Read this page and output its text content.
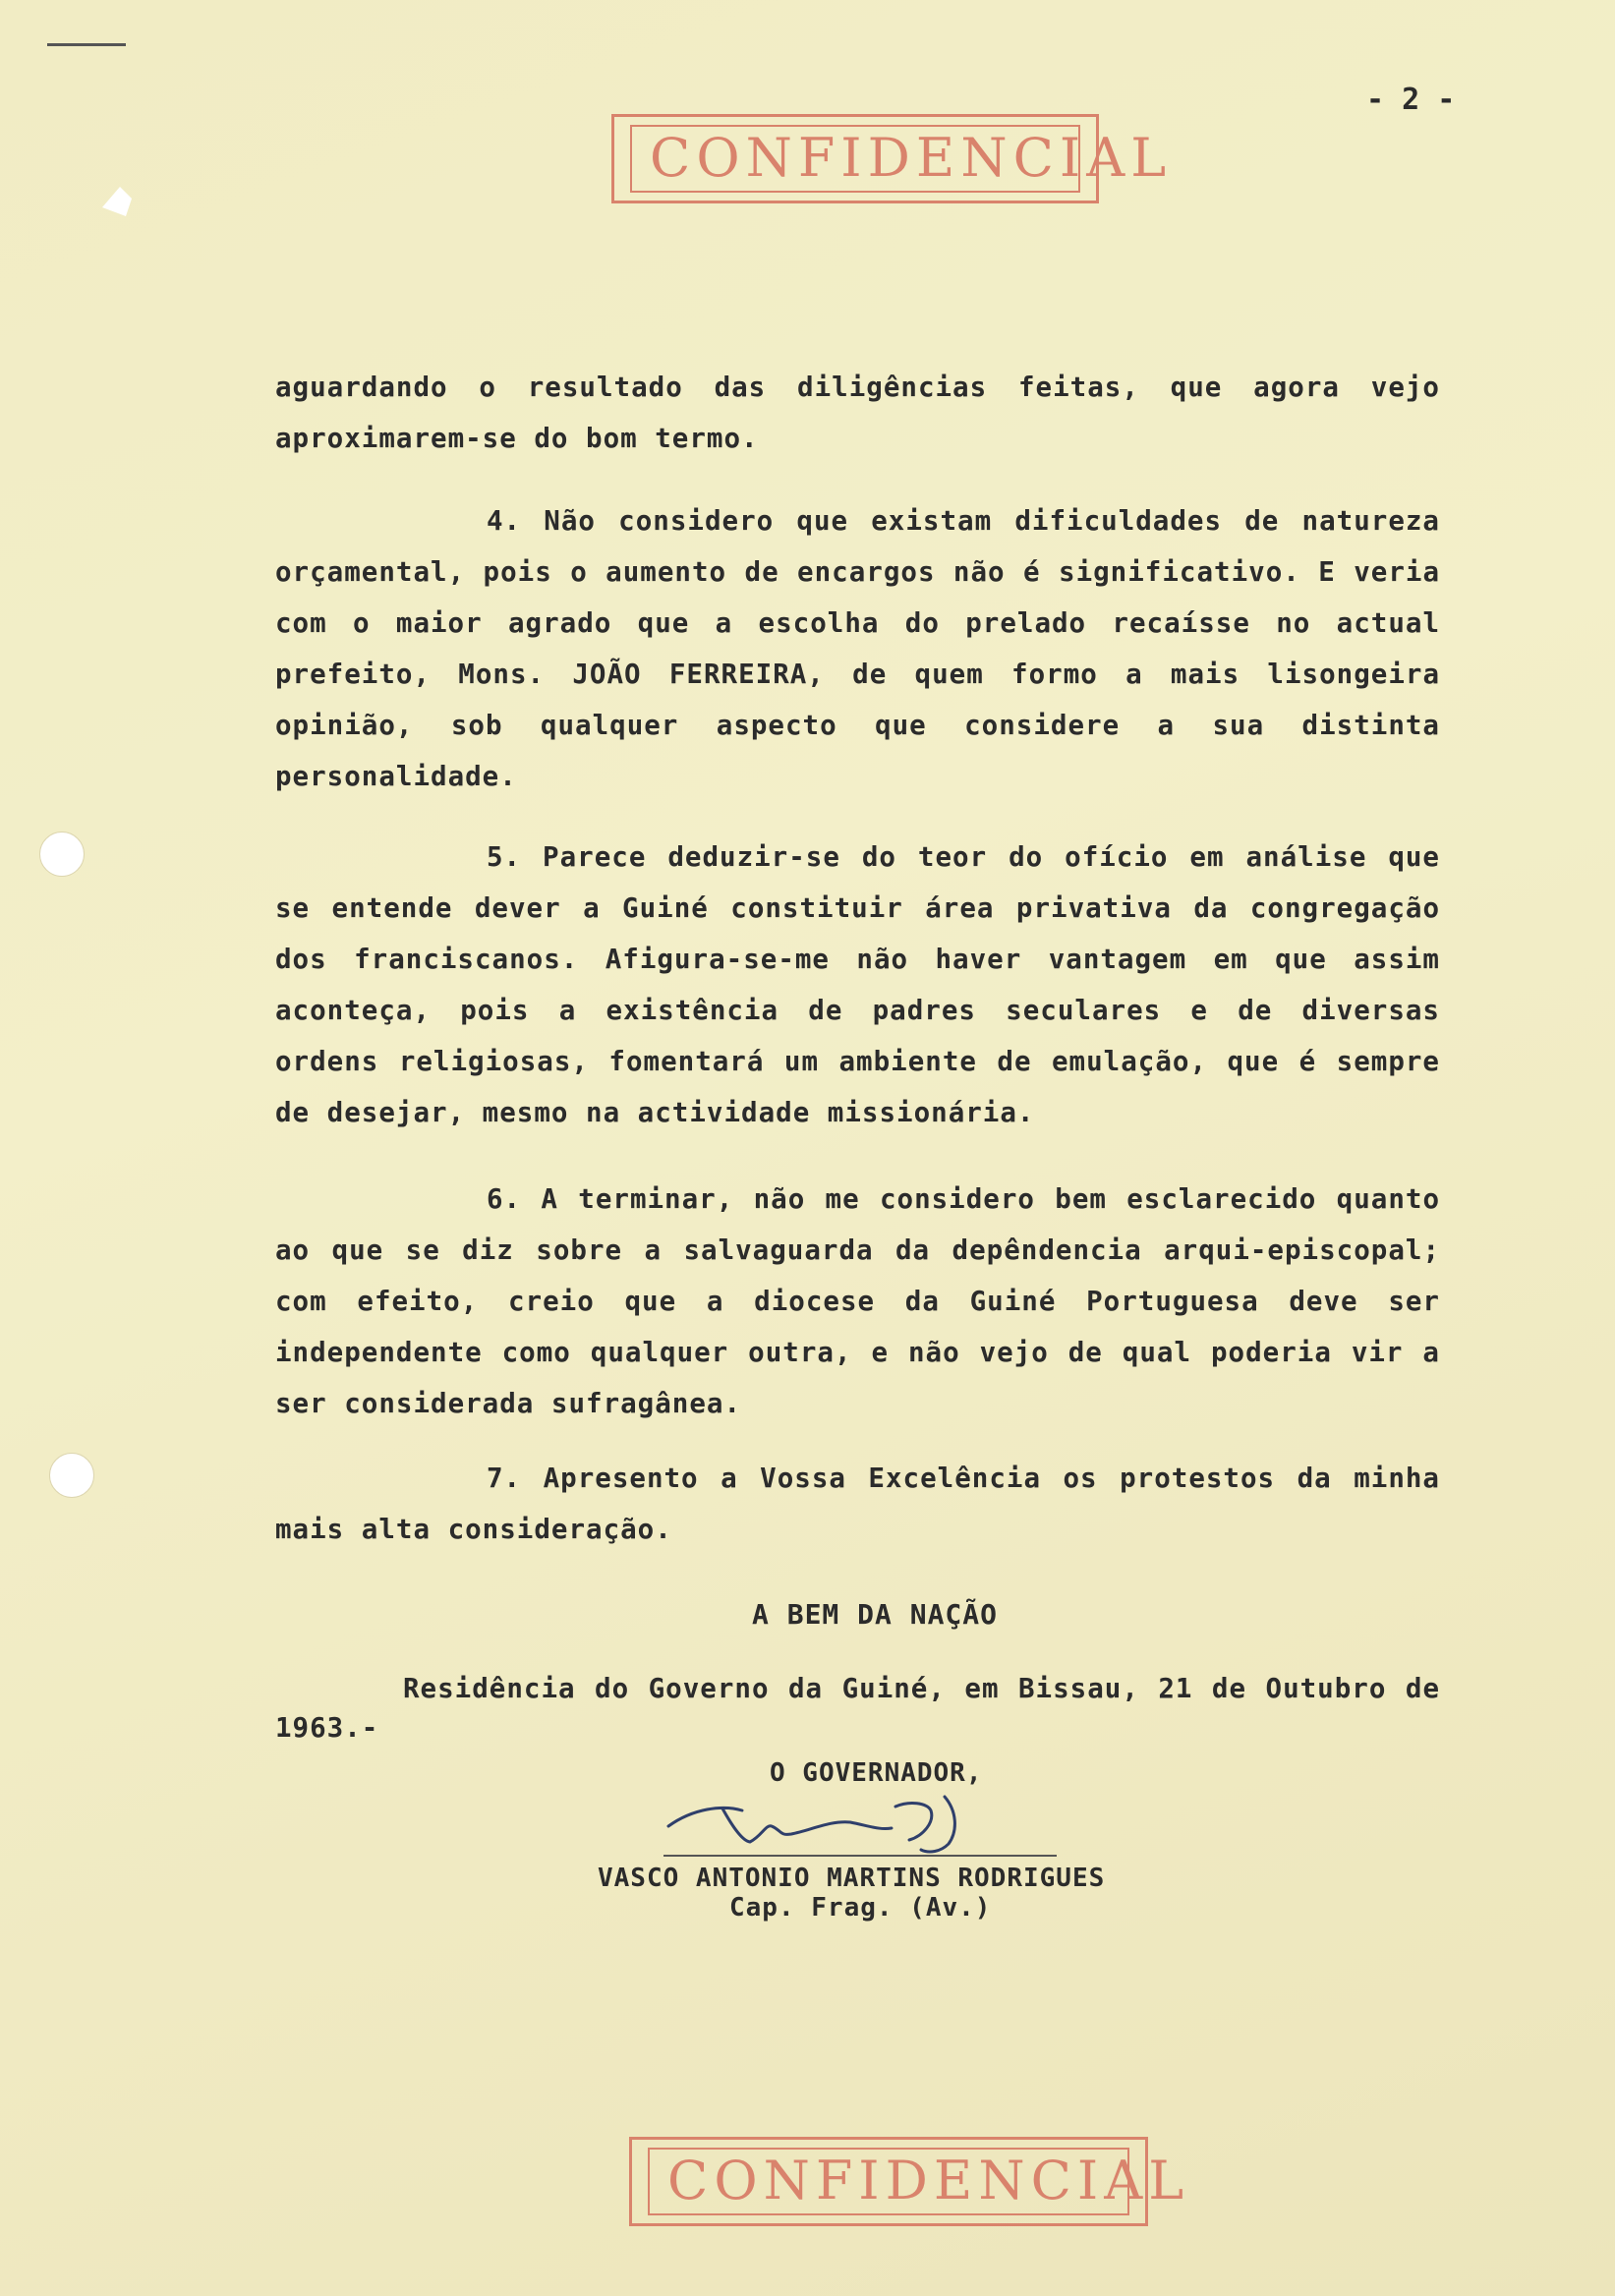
- 2 -
CONFIDENCIAL

aguardando o resultado das diligências feitas, que agora vejo aproximarem-se do bom termo.

4. Não considero que existam dificuldades de natureza orçamental, pois o aumento de encargos não é significativo. E veria com o maior agrado que a escolha do prelado recaísse no actual prefeito, Mons. JOÃO FERREIRA, de quem formo a mais lisongeira opinião, sob qualquer aspecto que considere a sua distinta personalidade.

5. Parece deduzir-se do teor do ofício em análise que se entende dever a Guiné constituir área privativa da congregação dos franciscanos. Afigura-se-me não haver vantagem em que assim aconteça, pois a existência de padres seculares e de diversas ordens religiosas, fomentará um ambiente de emulação, que é sempre de desejar, mesmo na actividade missionária.

6. A terminar, não me considero bem esclarecido quanto ao que se diz sobre a salvaguarda da depêndencia arqui-episcopal; com efeito, creio que a diocese da Guiné Portuguesa deve ser independente como qualquer outra, e não vejo de qual poderia vir a ser considerada sufragânea.

7. Apresento a Vossa Excelência os protestos da minha mais alta consideração.

A BEM DA NAÇÃO
Residência do Governo da Guiné, em Bissau, 21 de Outubro de 1963.-
O GOVERNADOR,
VASCO ANTONIO MARTINS RODRIGUES
Cap. Frag. (Av.)
CONFIDENCIAL
